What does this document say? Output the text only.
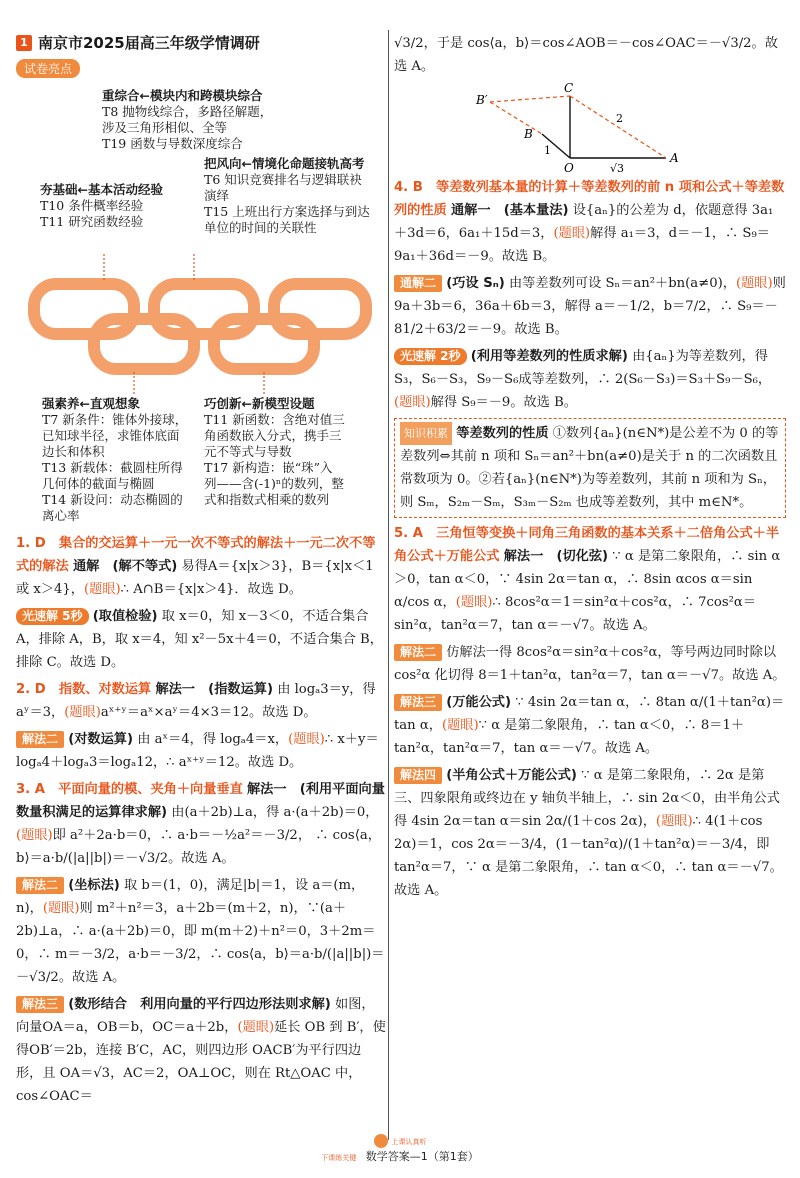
1 南京市2025届高三年级学情调研
试卷亮点
重综合←模块内和跨模块综合
T8 抛物线综合，多路径解题，
涉及三角形相似、全等
T19 函数与导数深度综合
把风向←情境化命题接轨高考
T6 知识竞赛排名与逻辑联袂
演绎
T15 上班出行方案选择与到达
单位的时间的关联性
夯基础←基本活动经验
T10 条件概率经验
T11 研究函数经验
强素养←直观想象
T7 新条件：锥体外接球，
已知球半径，求锥体底面
边长和体积
T13 新载体：截圆柱所得
几何体的截面与椭圆
T14 新设问：动态椭圆的
离心率
巧创新←新模型设题
T11 新函数：含绝对值三
角函数嵌入分式，携手三
元不等式与导数
T17 新构造：嵌“珠”入
列——含(-1)ⁿ的数列，整
式和指数式相乘的数列

1. D　集合的交运算＋一元一次不等式的解法＋一元二次不等式的解法 通解　(解不等式) 易得A＝{x|x＞3}，B＝{x|x＜1 或 x＞4}，(题眼)∴ A∩B＝{x|x＞4}．故选 D。

光速解 5秒 (取值检验) 取 x＝0，知 x－3＜0，不适合集合 A，排除 A，B，取 x＝4，知 x²－5x＋4＝0，不适合集合 B，排除 C。故选 D。

2. D　指数、对数运算 解法一　(指数运算) 由 logₐ3＝y，得 aʸ＝3，(题眼)aˣ⁺ʸ＝aˣ×aʸ＝4×3＝12。故选 D。

解法二 (对数运算) 由 aˣ＝4，得 logₐ4＝x，(题眼)∴ x＋y＝logₐ4＋logₐ3＝logₐ12，∴ aˣ⁺ʸ＝12。故选 D。

3. A　平面向量的模、夹角＋向量垂直 解法一　(利用平面向量数量积满足的运算律求解) 由(a＋2b)⊥a，得 a·(a＋2b)＝0，(题眼)即 a²＋2a·b＝0，∴ a·b＝－½a²＝－3/2， ∴ cos⟨a，b⟩＝a·b/(|a||b|)＝－√3/2。故选 A。

解法二 (坐标法) 取 b＝(1，0)，满足|b|＝1，设 a＝(m，n)，(题眼)则 m²＋n²＝3，a＋2b＝(m＋2，n)，∵(a＋2b)⊥a，∴ a·(a＋2b)＝0，即 m(m＋2)＋n²＝0，3＋2m＝0，∴ m＝－3/2，a·b＝－3/2，∴ cos⟨a，b⟩＝a·b/(|a||b|)＝－√3/2。故选 A。

解法三 (数形结合　利用向量的平行四边形法则求解) 如图，向量OA＝a，OB＝b，OC＝a＋2b，(题眼)延长 OB 到 B′，使得OB′＝2b，连接 B′C，AC，则四边形 OACB′为平行四边形，且 OA＝√3，AC＝2，OA⊥OC，则在 Rt△OAC 中，cos∠OAC＝

√3/2，于是 cos⟨a，b⟩＝cos∠AOB＝－cos∠OAC＝－√3/2。故选 A。

B′
C
B
O
A
1
2
√3

4. B　等差数列基本量的计算＋等差数列的前 n 项和公式＋等差数列的性质 通解一　(基本量法) 设{aₙ}的公差为 d，依题意得 3a₁＋3d＝6，6a₁＋15d＝3，(题眼)解得 a₁＝3，d＝－1，∴ S₉＝9a₁＋36d＝－9。故选 B。

通解二 (巧设 Sₙ) 由等差数列可设 Sₙ＝an²＋bn(a≠0)，(题眼)则 9a＋3b＝6，36a＋6b＝3，解得 a＝－1/2，b＝7/2，∴ S₉＝－81/2＋63/2＝－9。故选 B。

光速解 2秒 (利用等差数列的性质求解) 由{aₙ}为等差数列，得 S₃，S₆－S₃，S₉－S₆成等差数列，∴ 2(S₆－S₃)＝S₃＋S₉－S₆，(题眼)解得 S₉＝－9。故选 B。

知识积累 等差数列的性质 ①数列{aₙ}(n∈N*)是公差不为 0 的等差数列⇔其前 n 项和 Sₙ＝an²＋bn(a≠0)是关于 n 的二次函数且常数项为 0。②若{aₙ}(n∈N*)为等差数列，其前 n 项和为 Sₙ，则 Sₘ，S₂ₘ－Sₘ，S₃ₘ－S₂ₘ 也成等差数列，其中 m∈N*。

5. A　三角恒等变换＋同角三角函数的基本关系＋二倍角公式＋半角公式＋万能公式 解法一　(切化弦) ∵ α 是第二象限角，∴ sin α＞0，tan α＜0，∵ 4sin 2α＝tan α，∴ 8sin αcos α＝sin α/cos α，(题眼)∴ 8cos²α＝1＝sin²α＋cos²α，∴ 7cos²α＝sin²α，tan²α＝7，tan α＝－√7。故选 A。

解法二 仿解法一得 8cos²α＝sin²α＋cos²α，等号两边同时除以 cos²α 化切得 8＝1＋tan²α，tan²α＝7，tan α＝－√7。故选 A。

解法三 (万能公式) ∵ 4sin 2α＝tan α，∴ 8tan α/(1＋tan²α)＝tan α，(题眼)∵ α 是第二象限角，∴ tan α＜0，∴ 8＝1＋tan²α，tan²α＝7，tan α＝－√7。故选 A。

解法四 (半角公式＋万能公式) ∵ α 是第二象限角，∴ 2α 是第三、四象限角或终边在 y 轴负半轴上，∴ sin 2α＜0，由半角公式得 4sin 2α＝tan α＝sin 2α/(1＋cos 2α)，(题眼)∴ 4(1＋cos 2α)＝1，cos 2α＝－3/4，(1－tan²α)/(1＋tan²α)＝－3/4，即 tan²α＝7，∵ α 是第二象限角，∴ tan α＜0，∴ tan α＝－√7。故选 A。

上课认真听
下课练关键 数学答案—1（第1套）
